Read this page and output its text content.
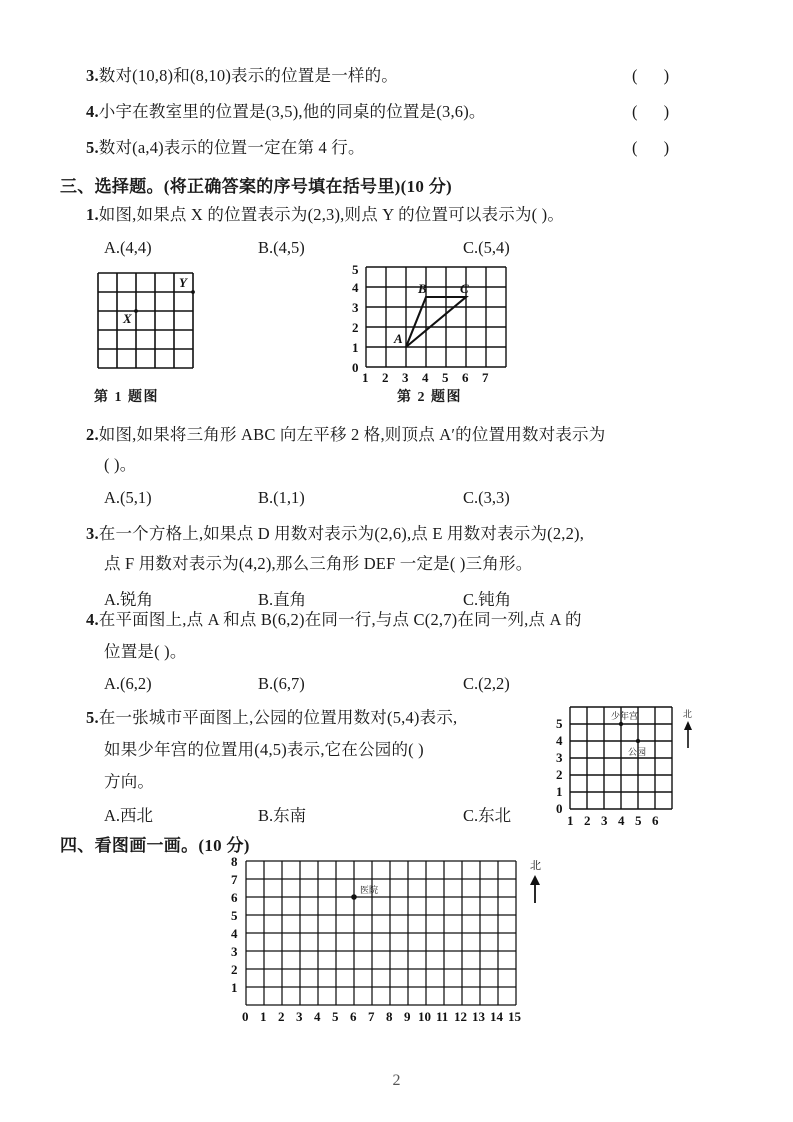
3.数对(10,8)和(8,10)表示的位置是一样的。	( )
4.小宇在教室里的位置是(3,5),他的同桌的位置是(3,6)。	( )
5.数对(a,4)表示的位置一定在第 4 行。	( )
三、选择题。(将正确答案的序号填在括号里)(10 分)
1.如图,如果点 X 的位置表示为(2,3),则点 Y 的位置可以表示为( )。
A.(4,4)	B.(4,5)	C.(5,4)
X
Y
第 1 题图
0
1
2
3
4
5
1 2 3 4 5 6 7
A
B	C
第 2 题图
2.如图,如果将三角形 ABC 向左平移 2 格,则顶点 A′的位置用数对表示为
( )。
A.(5,1)	B.(1,1)	C.(3,3)
3.在一个方格上,如果点 D 用数对表示为(2,6),点 E 用数对表示为(2,2),
点 F 用数对表示为(4,2),那么三角形 DEF 一定是( )三角形。
A.锐角	B.直角	C.钝角
4.在平面图上,点 A 和点 B(6,2)在同一行,与点 C(2,7)在同一列,点 A 的
位置是( )。
A.(6,2)	B.(6,7)	C.(2,2)
5.在一张城市平面图上,公园的位置用数对(5,4)表示,
如果少年宫的位置用(4,5)表示,它在公园的( )
方向。
A.西北	B.东南	C.东北	0
1
2
3
4
5
1 2 3 4 5 6
少年宫
公园
北
四、看图画一画。(10 分)
8
7
6
5
4
3
2
1
0 1 2 3 4 5 6 7 8 9 10 11 12 13 14 15
医院
北
2
